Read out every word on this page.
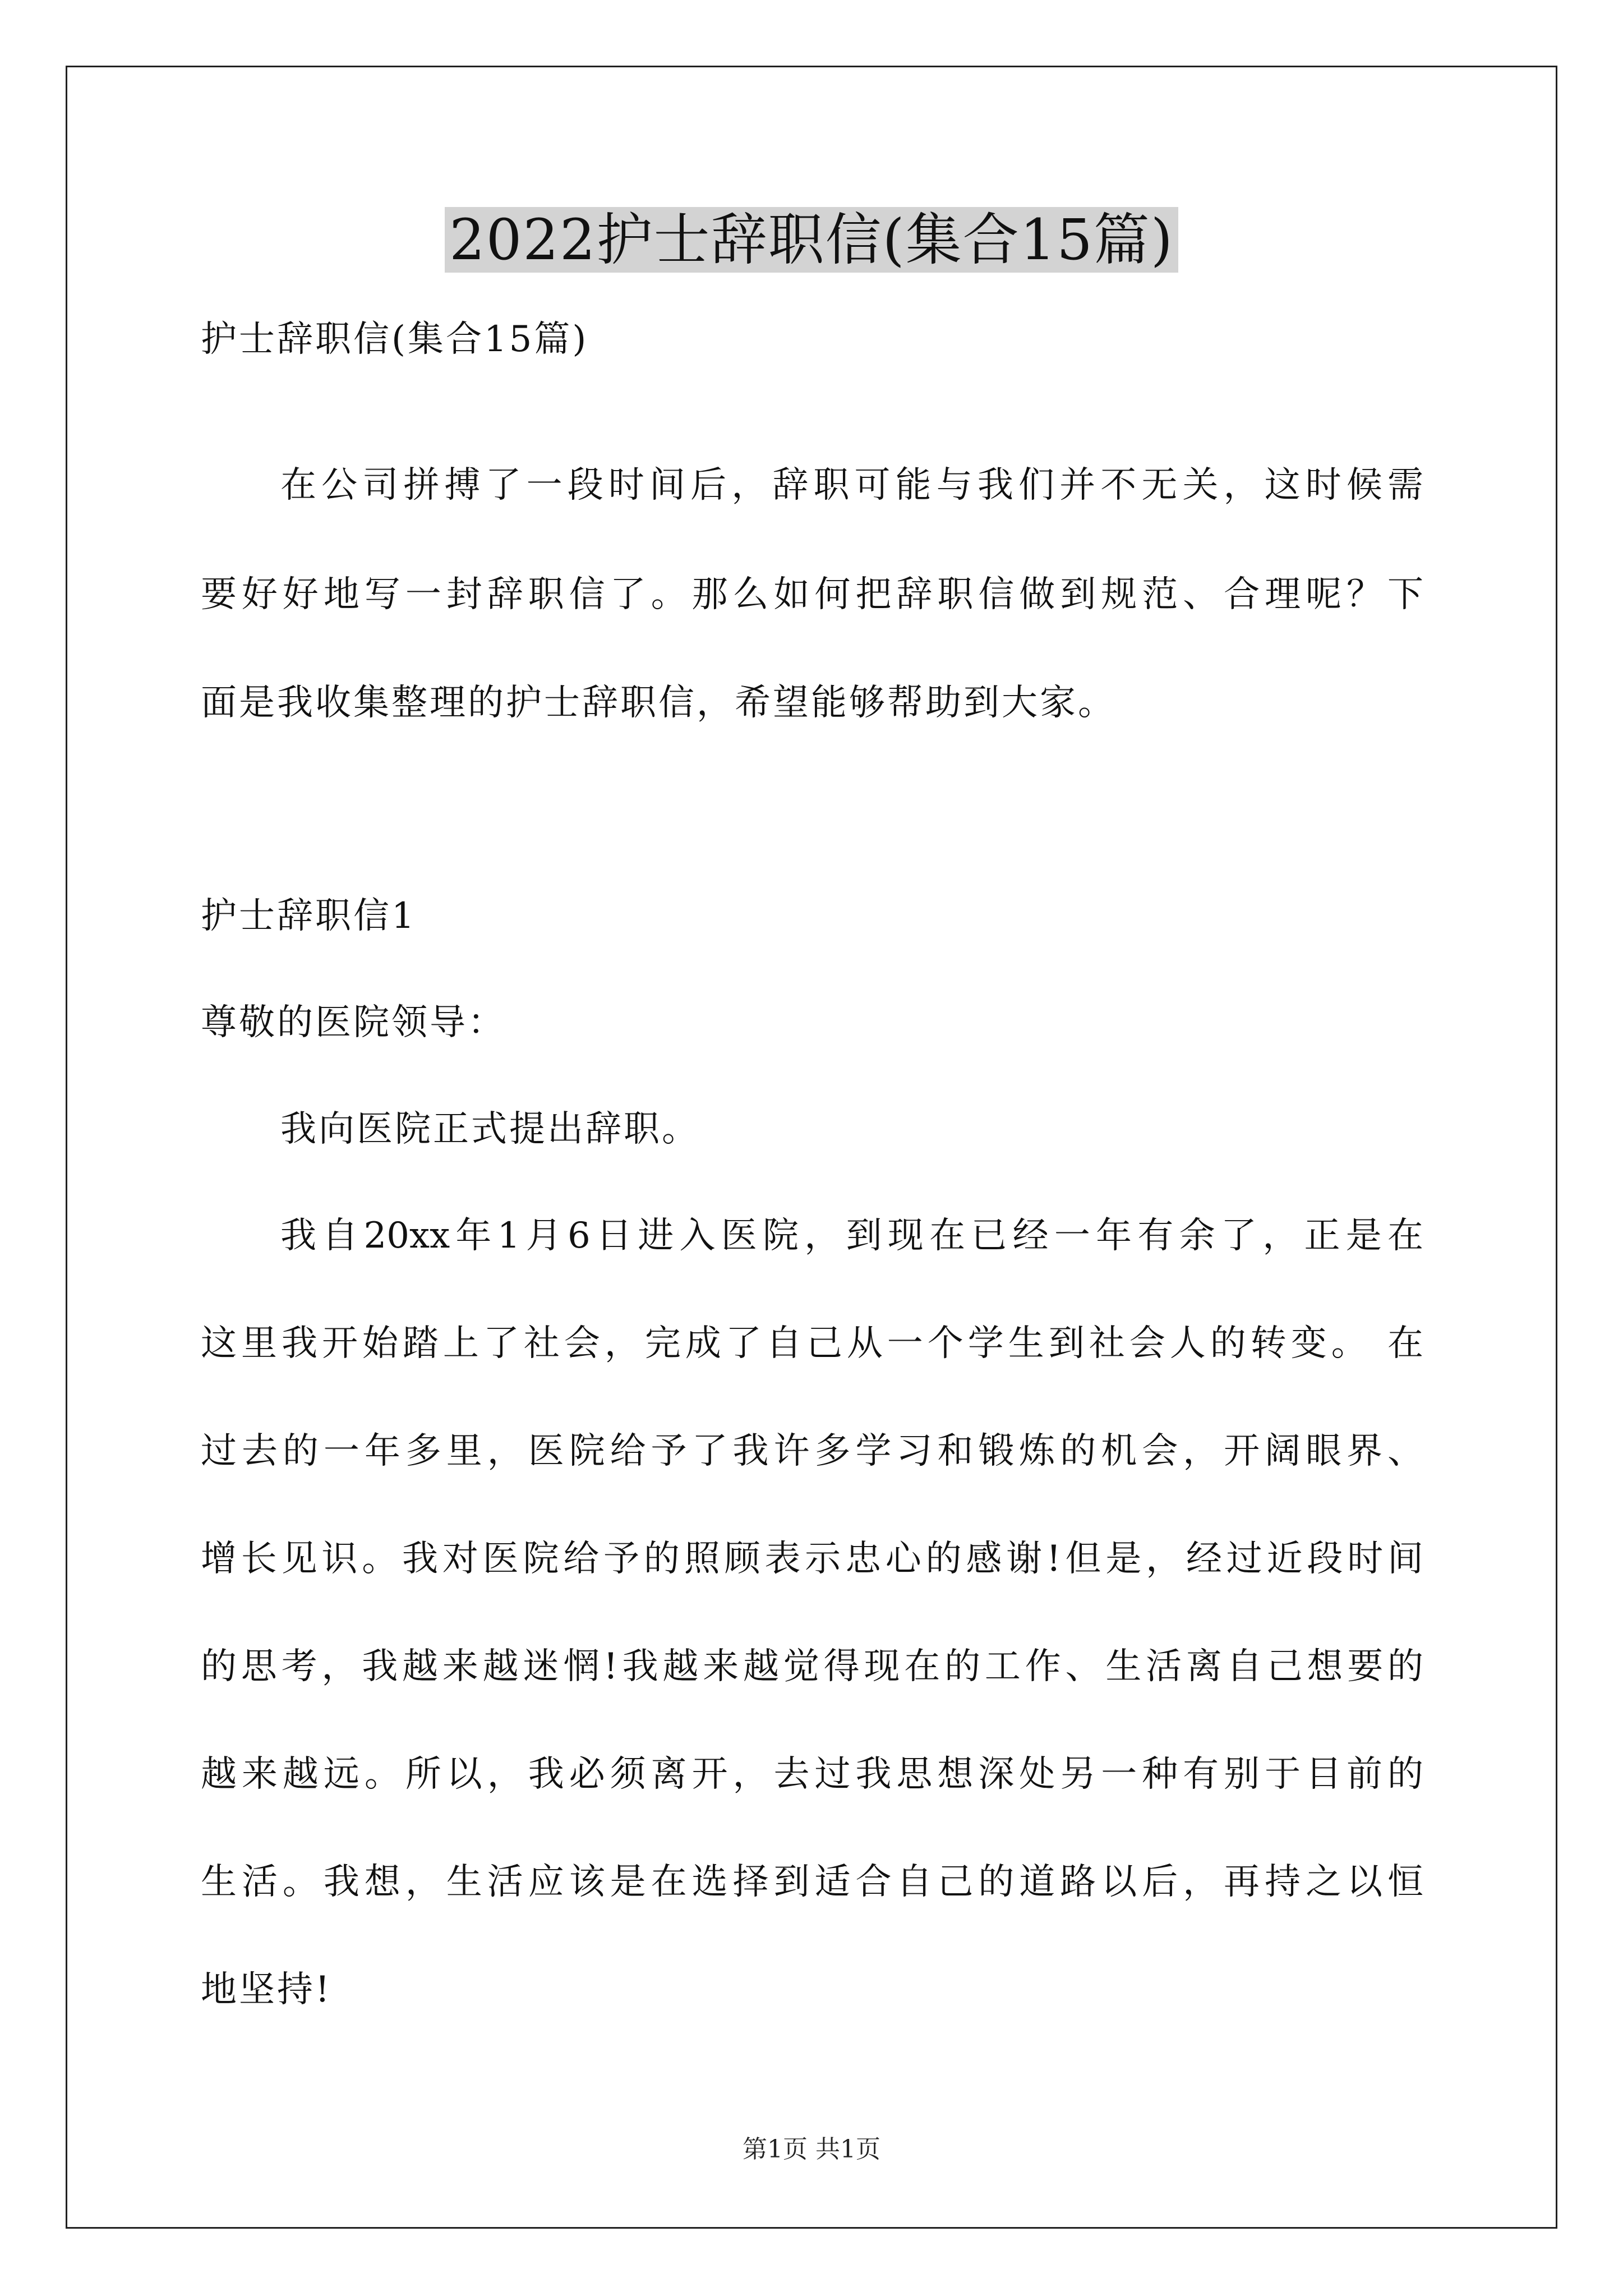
2022护士辞职信(集合15篇)
护士辞职信(集合15篇)
在公司拼搏了一段时间后，辞职可能与我们并不无关，这时候需
要好好地写一封辞职信了。那么如何把辞职信做到规范、合理呢？下
面是我收集整理的护士辞职信，希望能够帮助到大家。
护士辞职信1
尊敬的医院领导：
我向医院正式提出辞职。
我自20xx年1月6日进入医院，到现在已经一年有余了，正是在
这里我开始踏上了社会，完成了自己从一个学生到社会人的转变。 在
过去的一年多里，医院给予了我许多学习和锻炼的机会，开阔眼界、
增长见识。我对医院给予的照顾表示忠心的感谢!但是，经过近段时间
的思考，我越来越迷惘!我越来越觉得现在的工作、生活离自己想要的
越来越远。所以，我必须离开，去过我思想深处另一种有别于目前的
生活。我想，生活应该是在选择到适合自己的道路以后，再持之以恒
地坚持!
第1页 共1页
